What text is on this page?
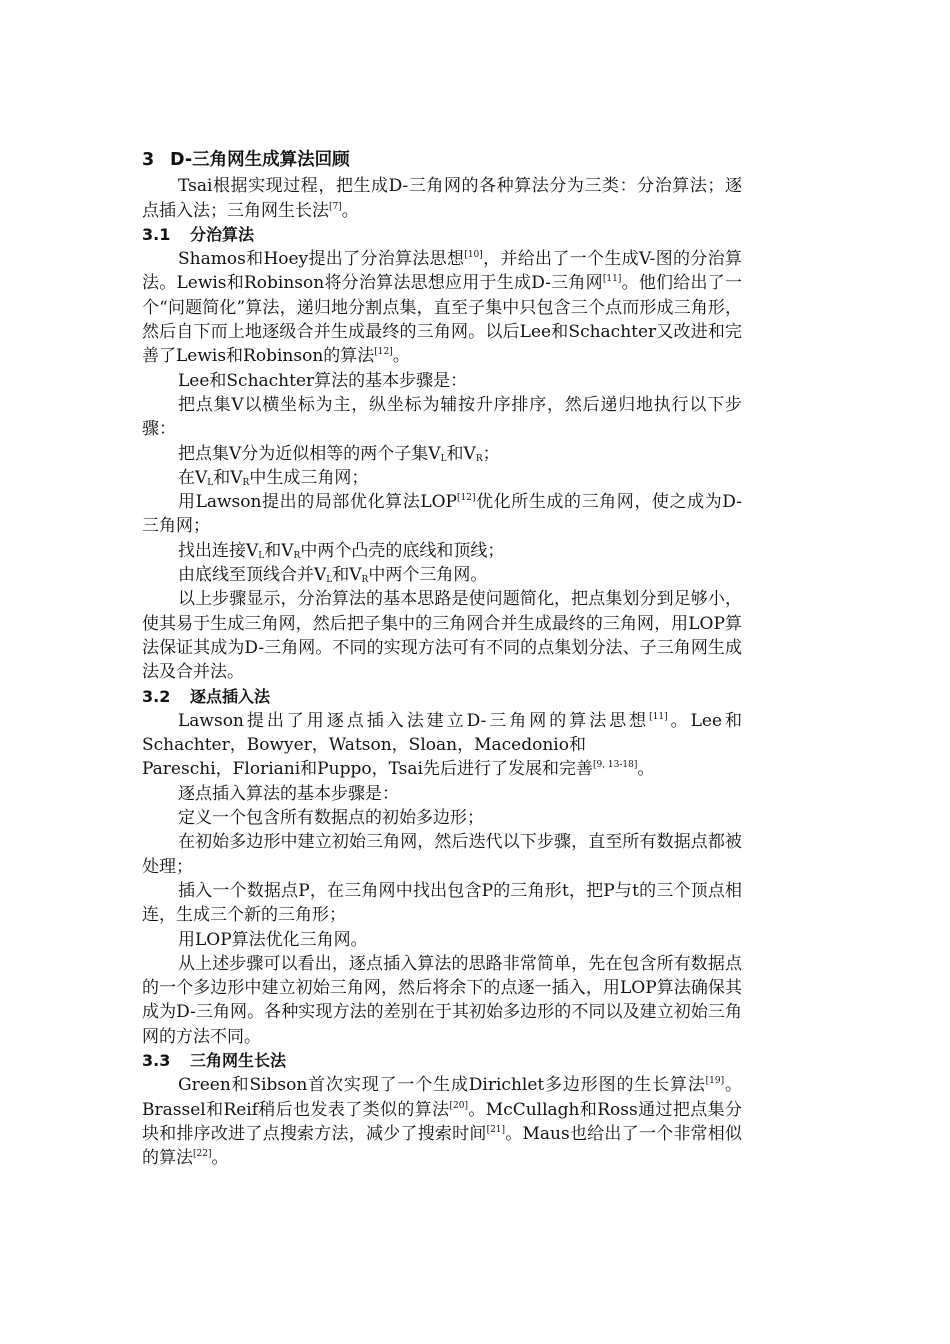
3 D-三角网生成算法回顾

Tsai根据实现过程，把生成D-三角网的各种算法分为三类：分治算法；逐点插入法；三角网生长法[7]。

3.1 分治算法

Shamos和Hoey提出了分治算法思想[10]，并给出了一个生成V-图的分治算法。Lewis和Robinson将分治算法思想应用于生成D-三角网[11]。他们给出了一个“问题简化”算法，递归地分割点集，直至子集中只包含三个点而形成三角形，然后自下而上地逐级合并生成最终的三角网。以后Lee和Schachter又改进和完善了Lewis和Robinson的算法[12]。

Lee和Schachter算法的基本步骤是：

把点集V以横坐标为主，纵坐标为辅按升序排序，然后递归地执行以下步骤：

把点集V分为近似相等的两个子集$V_L$和$V_R$；

在$V_L$和$V_R$中生成三角网；

用Lawson提出的局部优化算法LOP[12]优化所生成的三角网，使之成为D-三角网；

找出连接$V_L$和$V_R$中两个凸壳的底线和顶线；

由底线至顶线合并$V_L$和$V_R$中两个三角网。

以上步骤显示，分治算法的基本思路是使问题简化，把点集划分到足够小，使其易于生成三角网，然后把子集中的三角网合并生成最终的三角网，用LOP算法保证其成为D-三角网。不同的实现方法可有不同的点集划分法、子三角网生成法及合并法。

3.2 逐点插入法

Lawson提出了用逐点插入法建立D-三角网的算法思想[11]。Lee和Schachter，Bowyer，Watson，Sloan，Macedonio和
Pareschi，Floriani和Puppo，Tsai先后进行了发展和完善[9, 13-18]。

逐点插入算法的基本步骤是：

定义一个包含所有数据点的初始多边形；

在初始多边形中建立初始三角网，然后迭代以下步骤，直至所有数据点都被处理；

插入一个数据点P，在三角网中找出包含P的三角形t，把P与t的三个顶点相连，生成三个新的三角形；

用LOP算法优化三角网。

从上述步骤可以看出，逐点插入算法的思路非常简单，先在包含所有数据点的一个多边形中建立初始三角网，然后将余下的点逐一插入，用LOP算法确保其成为D-三角网。各种实现方法的差别在于其初始多边形的不同以及建立初始三角网的方法不同。

3.3 三角网生长法

Green和Sibson首次实现了一个生成Dirichlet多边形图的生长算法[19]。Brassel和Reif稍后也发表了类似的算法[20]。McCullagh和Ross通过把点集分块和排序改进了点搜索方法，减少了搜索时间[21]。Maus也给出了一个非常相似的算法[22]。
